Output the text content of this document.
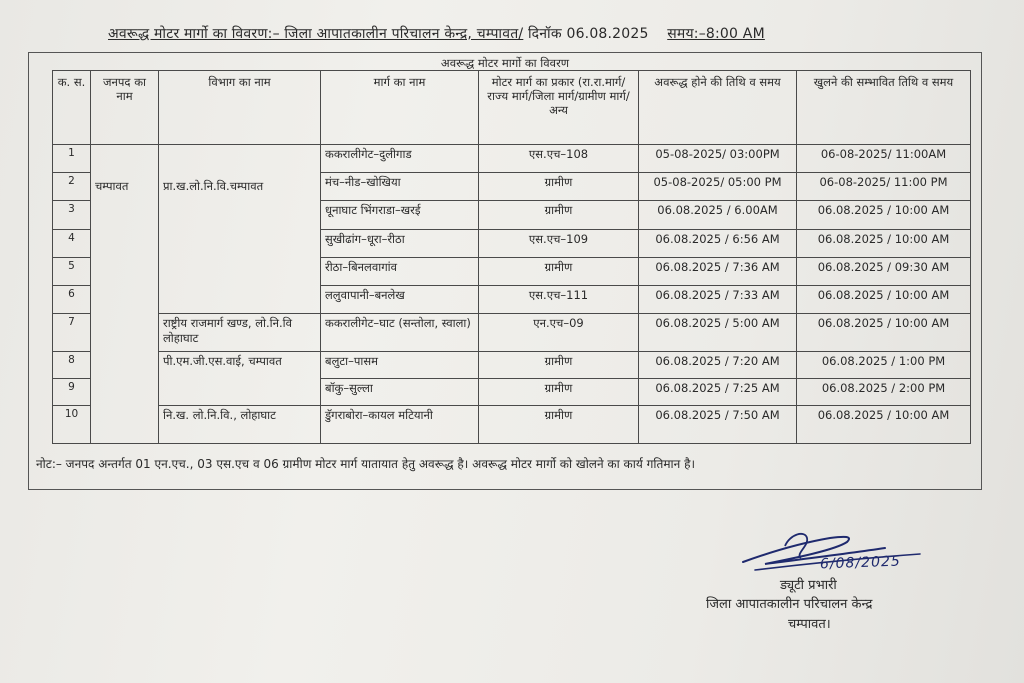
अवरूद्ध मोटर मार्गो का विवरण:– जिला आपातकालीन परिचालन केन्द्र, चम्पावत/ दिनॉक 06.08.2025 समय:–8:00 AM
अवरूद्ध मोटर मार्गो का विवरण
क. स.	जनपद का नाम	विभाग का नाम	मार्ग का नाम	मोटर मार्ग का प्रकार (रा.रा.मार्ग/राज्य मार्ग/जिला मार्ग/ग्रामीण मार्ग/अन्य	अवरूद्ध होने की तिथि व समय	खुलने की सम्भावित तिथि व समय
1	चम्पावत	प्रा.ख.लो.नि.वि.चम्पावत	ककरालीगेट–दुलीगाड	एस.एच–108	05-08-2025/ 03:00PM	06-08-2025/ 11:00AM
2			मंच–नीड–खोखिया	ग्रामीण	05-08-2025/ 05:00 PM	06-08-2025/ 11:00 PM
3			धूनाघाट भिंगराडा–खरई	ग्रामीण	06.08.2025 / 6.00AM	06.08.2025 / 10:00 AM
4			सुखीढांग–धूरा–रीठा	एस.एच–109	06.08.2025 / 6:56 AM	06.08.2025 / 10:00 AM
5			रीठा–बिनलवागांव	ग्रामीण	06.08.2025 / 7:36 AM	06.08.2025 / 09:30 AM
6			ललुवापानी–बनलेख	एस.एच–111	06.08.2025 / 7:33 AM	06.08.2025 / 10:00 AM
7		राष्ट्रीय राजमार्ग खण्ड, लो.नि.वि लोहाघाट	ककरालीगेट–घाट (सन्तोला, स्वाला)	एन.एच–09	06.08.2025 / 5:00 AM	06.08.2025 / 10:00 AM
8		पी.एम.जी.एस.वाई, चम्पावत	बलुटा–पासम	ग्रामीण	06.08.2025 / 7:20 AM	06.08.2025 / 1:00 PM
9			बॉकु–सुल्ला	ग्रामीण	06.08.2025 / 7:25 AM	06.08.2025 / 2:00 PM
10		नि.ख. लो.नि.वि., लोहाघाट	डुॅगराबोरा–कायल मटियानी	ग्रामीण	06.08.2025 / 7:50 AM	06.08.2025 / 10:00 AM
नोट:– जनपद अन्तर्गत 01 एन.एच., 03 एस.एच व 06 ग्रामीण मोटर मार्ग यातायात हेतु अवरूद्ध है। अवरूद्ध मोटर मार्गो को खोलने का कार्य गतिमान है।
6/08/2025
ड्यूटी प्रभारी
जिला आपातकालीन परिचालन केन्द्र
चम्पावत।
